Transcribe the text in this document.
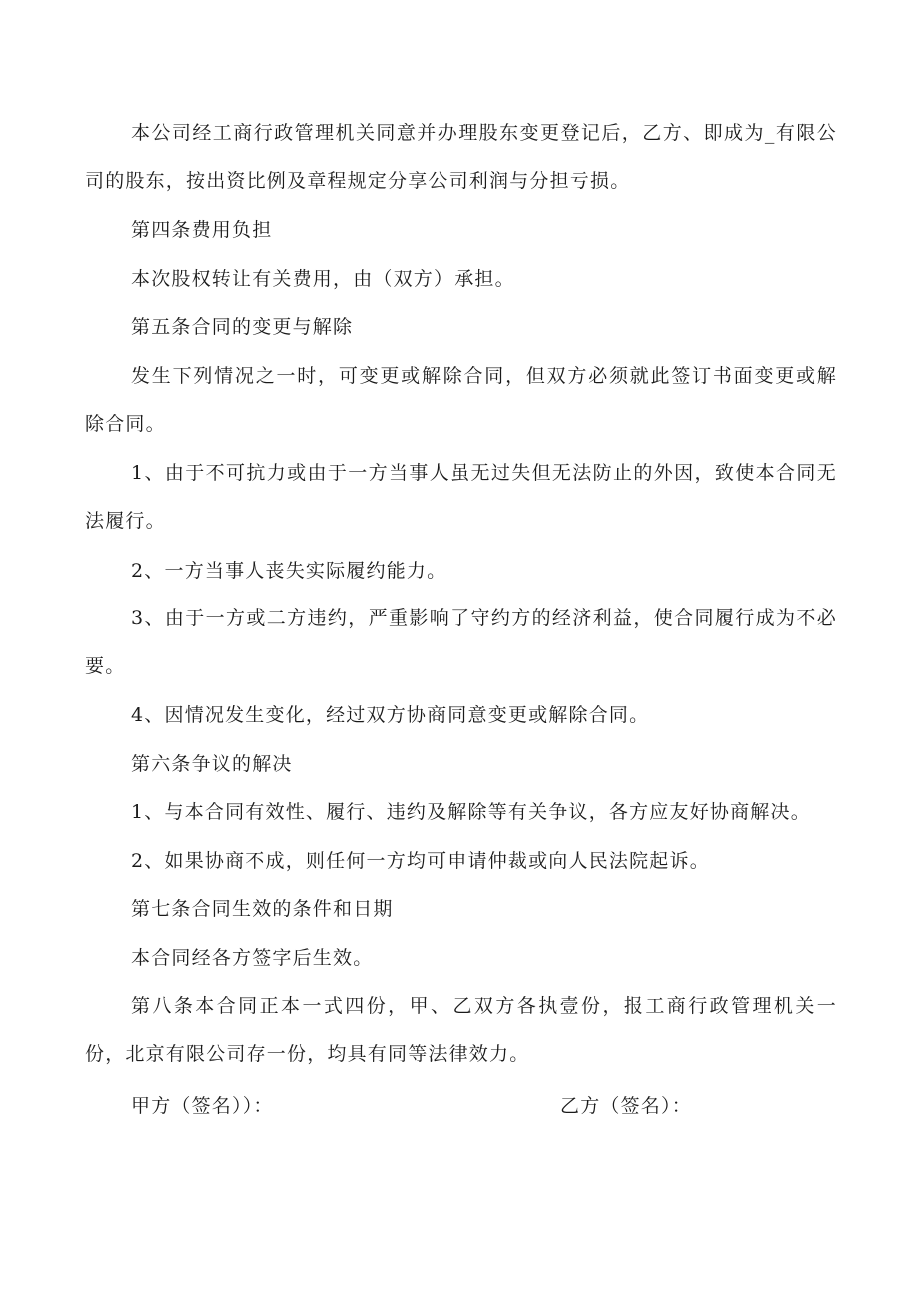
本公司经工商行政管理机关同意并办理股东变更登记后，乙方、即成为_有限公司的股东，按出资比例及章程规定分享公司利润与分担亏损。

第四条费用负担

本次股权转让有关费用，由（双方）承担。

第五条合同的变更与解除

发生下列情况之一时，可变更或解除合同，但双方必须就此签订书面变更或解除合同。

1、由于不可抗力或由于一方当事人虽无过失但无法防止的外因，致使本合同无法履行。

2、一方当事人丧失实际履约能力。

3、由于一方或二方违约，严重影响了守约方的经济利益，使合同履行成为不必要。

4、因情况发生变化，经过双方协商同意变更或解除合同。

第六条争议的解决

1、与本合同有效性、履行、违约及解除等有关争议，各方应友好协商解决。

2、如果协商不成，则任何一方均可申请仲裁或向人民法院起诉。

第七条合同生效的条件和日期

本合同经各方签字后生效。

第八条本合同正本一式四份，甲、乙双方各执壹份，报工商行政管理机关一份，北京有限公司存一份，均具有同等法律效力。

甲方（签名））：	乙方（签名）：
